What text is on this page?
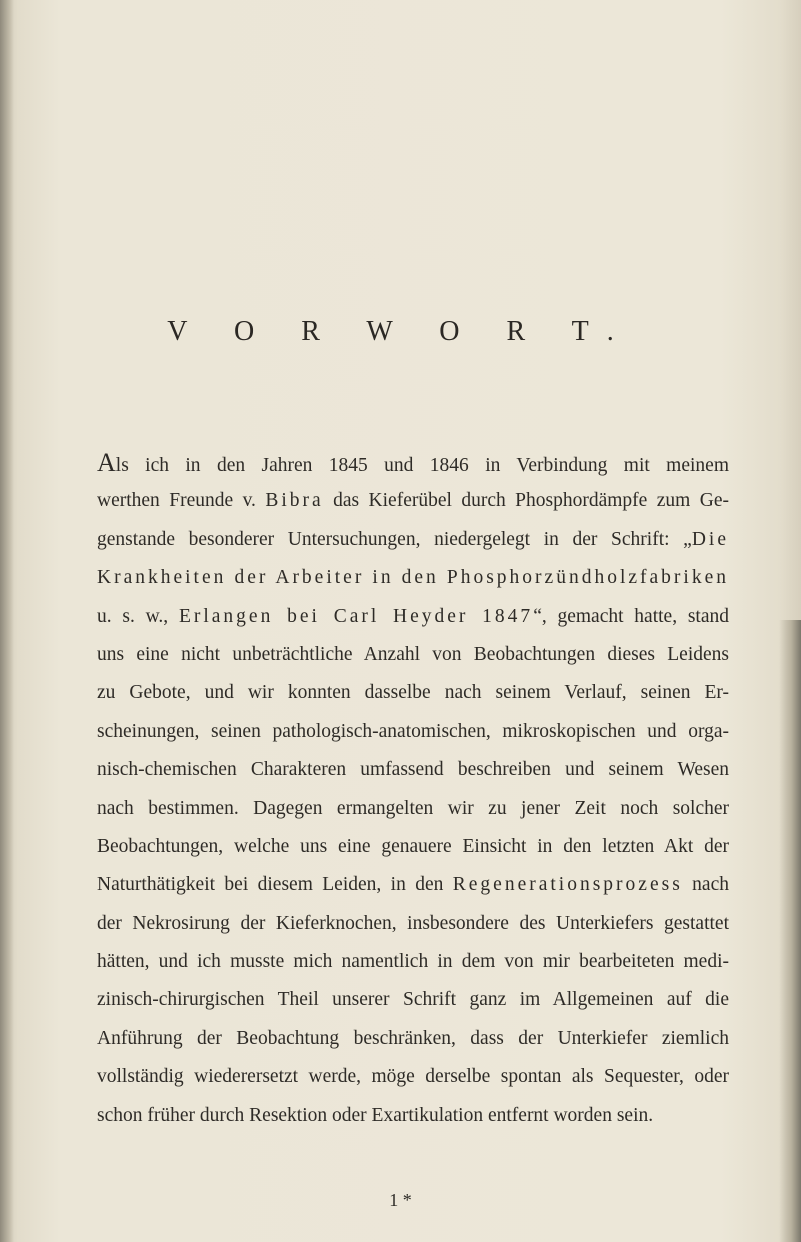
V O R W O R T.
Als ich in den Jahren 1845 und 1846 in Verbindung mit meinem
werthen Freunde v. Bibra das Kieferübel durch Phosphordämpfe zum Ge-
genstande besonderer Untersuchungen, niedergelegt in der Schrift: „Die
Krankheiten der Arbeiter in den Phosphorzündholzfabriken
u. s. w., Erlangen bei Carl Heyder 1847“, gemacht hatte, stand
uns eine nicht unbeträchtliche Anzahl von Beobachtungen dieses Leidens
zu Gebote, und wir konnten dasselbe nach seinem Verlauf, seinen Er-
scheinungen, seinen pathologisch-anatomischen, mikroskopischen und orga-
nisch-chemischen Charakteren umfassend beschreiben und seinem Wesen
nach bestimmen. Dagegen ermangelten wir zu jener Zeit noch solcher
Beobachtungen, welche uns eine genauere Einsicht in den letzten Akt der
Naturthätigkeit bei diesem Leiden, in den Regenerationsprozess nach
der Nekrosirung der Kieferknochen, insbesondere des Unterkiefers gestattet
hätten, und ich musste mich namentlich in dem von mir bearbeiteten medi-
zinisch-chirurgischen Theil unserer Schrift ganz im Allgemeinen auf die
Anführung der Beobachtung beschränken, dass der Unterkiefer ziemlich
vollständig wiederersetzt werde, möge derselbe spontan als Sequester, oder
schon früher durch Resektion oder Exartikulation entfernt worden sein.
1 *
